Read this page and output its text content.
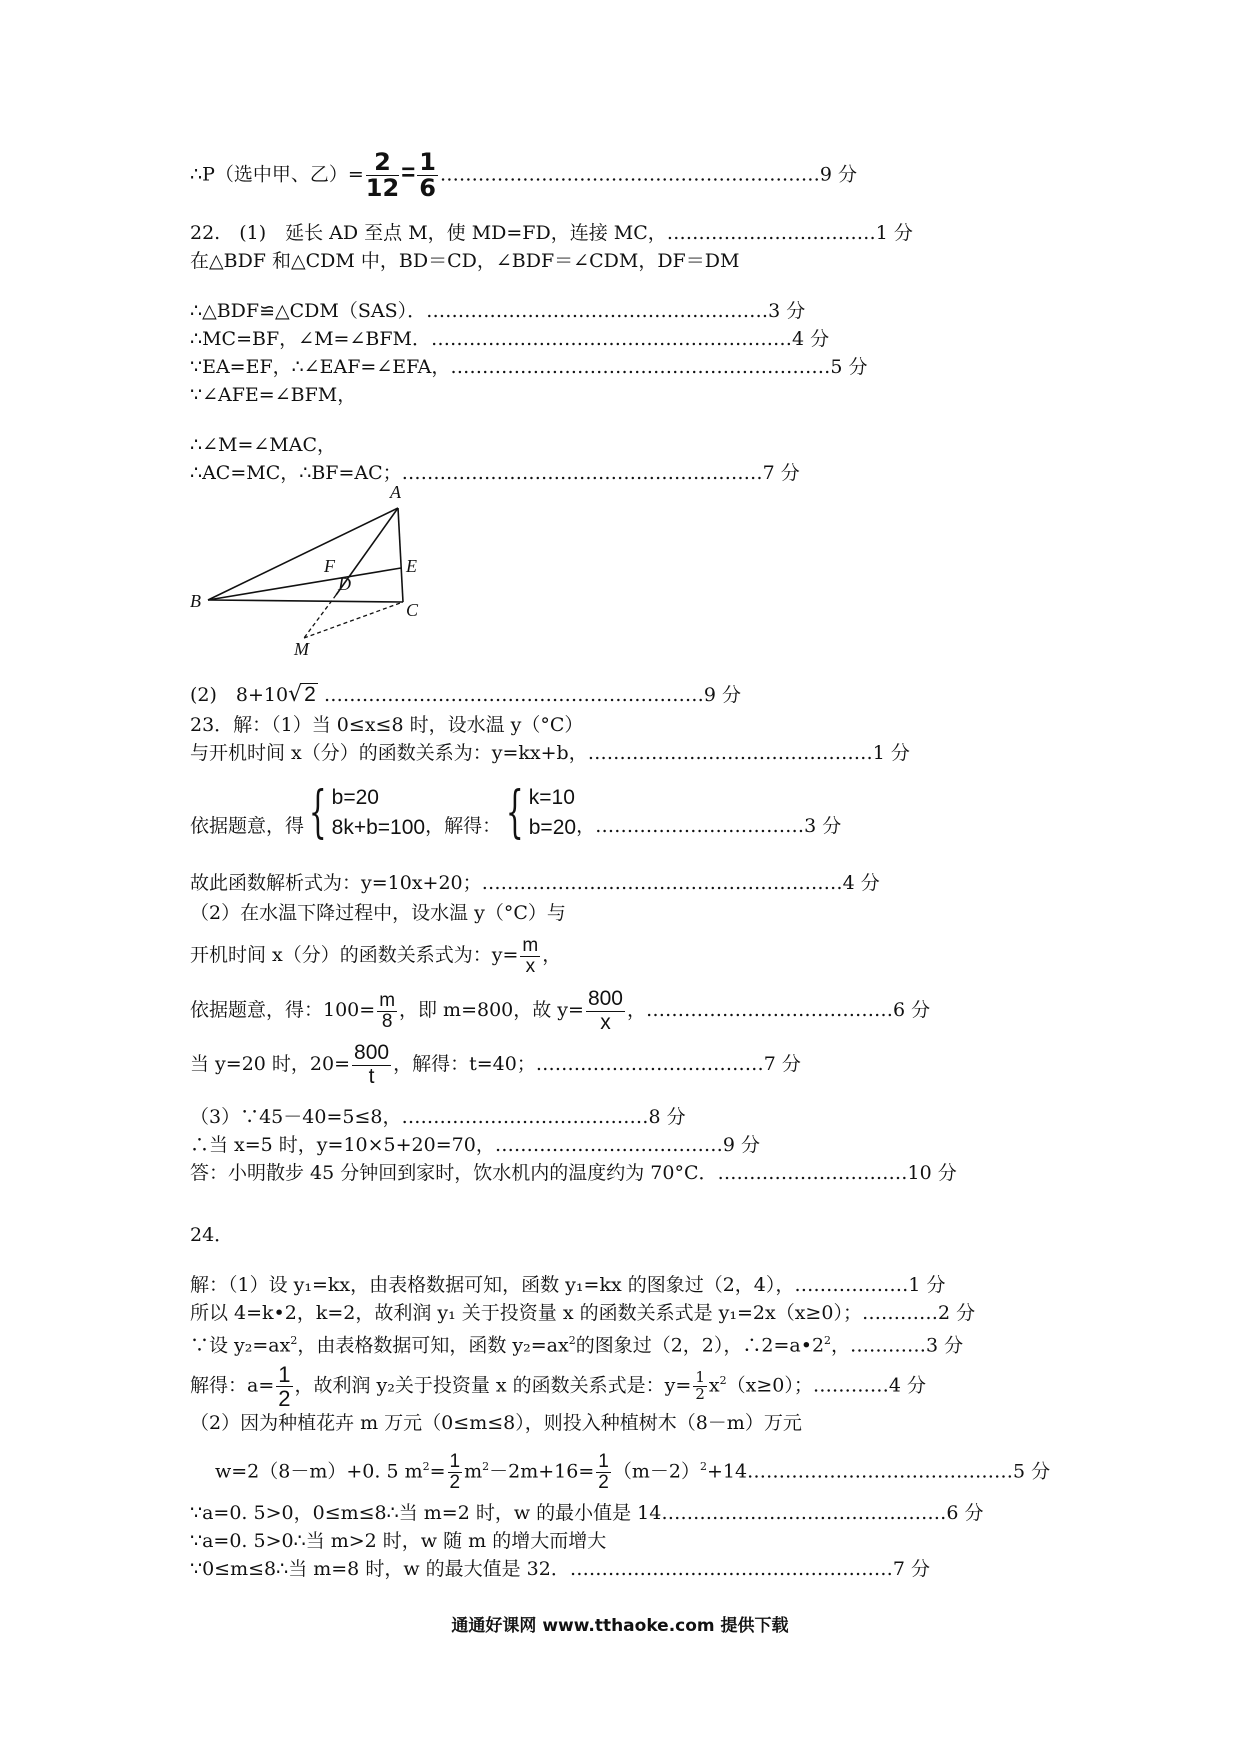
∴P（选中甲、乙）= $\frac{2}{12} = \frac{1}{6}$ ……………………………………………………9 分
22.　(1)　延长 AD 至点 M，使 MD=FD，连接 MC，……………………………1 分
在△BDF 和△CDM 中，BD＝CD，∠BDF＝∠CDM，DF＝DM
∴△BDF≌△CDM（SAS）．………………………………………………3 分
∴MC=BF，∠M=∠BFM．…………………………………………………4 分
∵EA=EF，∴∠EAF=∠EFA，……………………………………………………5 分
∵∠AFE=∠BFM，
∴∠M=∠MAC，
∴AC=MC，∴BF=AC；…………………………………………………7 分
A
B	C
D
E
F
M
(2)　8+10√2 ……………………………………………………9 分
23．解：（1）当 0≤x≤8 时，设水温 y（°C）
与开机时间 x（分）的函数关系为：y=kx+b，………………………………………1 分
依据题意，得{ b=20
8k+b=100 ，解得：{ k=10
b=20 ，……………………………3 分
故此函数解析式为：y=10x+20；…………………………………………………4 分
（2）在水温下降过程中，设水温 y（°C）与
开机时间 x（分）的函数关系式为：$y= \frac{m}{x}$ ，
依据题意，得：$100= \frac{m}{8}$ ，即 m=800，故 $y= \frac{800}{x}$ ，…………………………………6 分
当 y=20 时，$20= \frac{800}{t}$ ，解得：t=40；………………………………7 分
（3）∵45－40=5≤8，…………………………………8 分
∴当 x=5 时，y=10×5+20=70，………………………………9 分
答：小明散步 45 分钟回到家时，饮水机内的温度约为 70°C．…………………………10 分
24．
解：（1）设 y₁=kx，由表格数据可知，函数 y₁=kx 的图象过（2，4），………………1 分
所以 4=k•2，k=2，故利润 y₁ 关于投资量 x 的函数关系式是 y₁=2x（x≥0）；…………2 分
∵设 $y_2=ax^2$，由表格数据可知，函数 $y_2=ax^2$的图象过（2，2），$\therefore 2=a•2^2$，…………3 分
解得：$a= \frac{1}{2}$ ，故利润 y₂关于投资量 x 的函数关系式是：$y= \frac{1}{2} x^2(x\ge 0)$；…………4 分
（2）因为种植花卉 m 万元（0≤m≤8），则投入种植树木（8－m）万元
w=2（8－m）+0. 5 $m^2= \frac{1}{2} m^2-2m+16= \frac{1}{2}$ $(m-2)^2+14\dots\dots\dots\dots\dots\dots\dots\dots\dots\dots\dots\dots\dots\dots 5$ 分
∵a=0. 5>0，0≤m≤8∴当 m=2 时，w 的最小值是 14………………………………………6 分
∵a=0. 5>0∴当 m>2 时，w 随 m 的增大而增大
∵0≤m≤8∴当 m=8 时，w 的最大值是 32．……………………………………………7 分
通通好课网 www.tthaoke.com 提供下载
